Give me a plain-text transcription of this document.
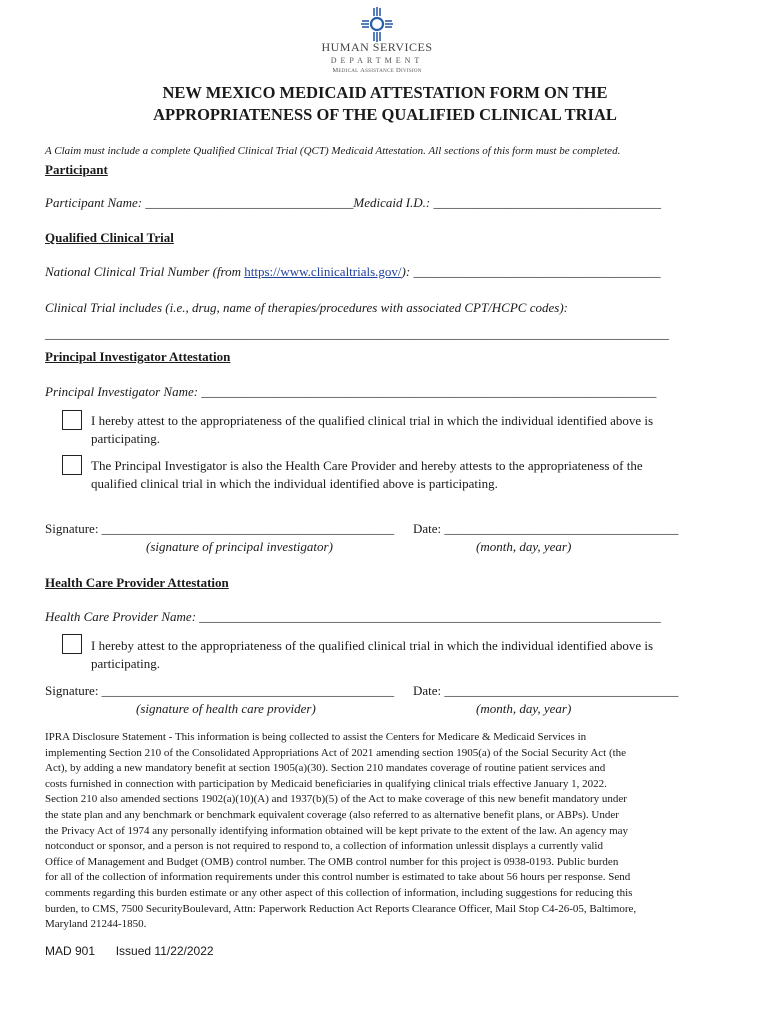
HUMAN SERVICES
DEPARTMENT
Medical Assistance Division
NEW MEXICO MEDICAID ATTESTATION FORM ON THE
APPROPRIATENESS OF THE QUALIFIED CLINICAL TRIAL
A Claim must include a complete Qualified Clinical Trial (QCT) Medicaid Attestation. All sections of this form must be completed.
Participant
Participant Name: ________________________________Medicaid I.D.: ___________________________________
Qualified Clinical Trial
National Clinical Trial Number (from https://www.clinicaltrials.gov/): ______________________________________
Clinical Trial includes (i.e., drug, name of therapies/procedures with associated CPT/HCPC codes):
________________________________________________________________________________________________
Principal Investigator Attestation
Principal Investigator Name: ______________________________________________________________________
I hereby attest to the appropriateness of the qualified clinical trial in which the individual identified above is
participating.
The Principal Investigator is also the Health Care Provider and hereby attests to the appropriateness of the
qualified clinical trial in which the individual identified above is participating.
Signature: _____________________________________________ Date: ____________________________________
(signature of principal investigator)	(month, day, year)
Health Care Provider Attestation
Health Care Provider Name: _______________________________________________________________________
I hereby attest to the appropriateness of the qualified clinical trial in which the individual identified above is
participating.
Signature: _____________________________________________ Date: ____________________________________
(signature of health care provider)	(month, day, year)
IPRA Disclosure Statement - This information is being collected to assist the Centers for Medicare & Medicaid Services in
implementing Section 210 of the Consolidated Appropriations Act of 2021 amending section 1905(a) of the Social Security Act (the
Act), by adding a new mandatory benefit at section 1905(a)(30). Section 210 mandates coverage of routine patient services and
costs furnished in connection with participation by Medicaid beneficiaries in qualifying clinical trials effective January 1, 2022.
Section 210 also amended sections 1902(a)(10)(A) and 1937(b)(5) of the Act to make coverage of this new benefit mandatory under
the state plan and any benchmark or benchmark equivalent coverage (also referred to as alternative benefit plans, or ABPs). Under
the Privacy Act of 1974 any personally identifying information obtained will be kept private to the extent of the law. An agency may
notconduct or sponsor, and a person is not required to respond to, a collection of information unlessit displays a currently valid
Office of Management and Budget (OMB) control number. The OMB control number for this project is 0938-0193. Public burden
for all of the collection of information requirements under this control number is estimated to take about 56 hours per response. Send
comments regarding this burden estimate or any other aspect of this collection of information, including suggestions for reducing this
burden, to CMS, 7500 SecurityBoulevard, Attn: Paperwork Reduction Act Reports Clearance Officer, Mail Stop C4-26-05, Baltimore,
Maryland 21244-1850.
MAD 901 Issued 11/22/2022
